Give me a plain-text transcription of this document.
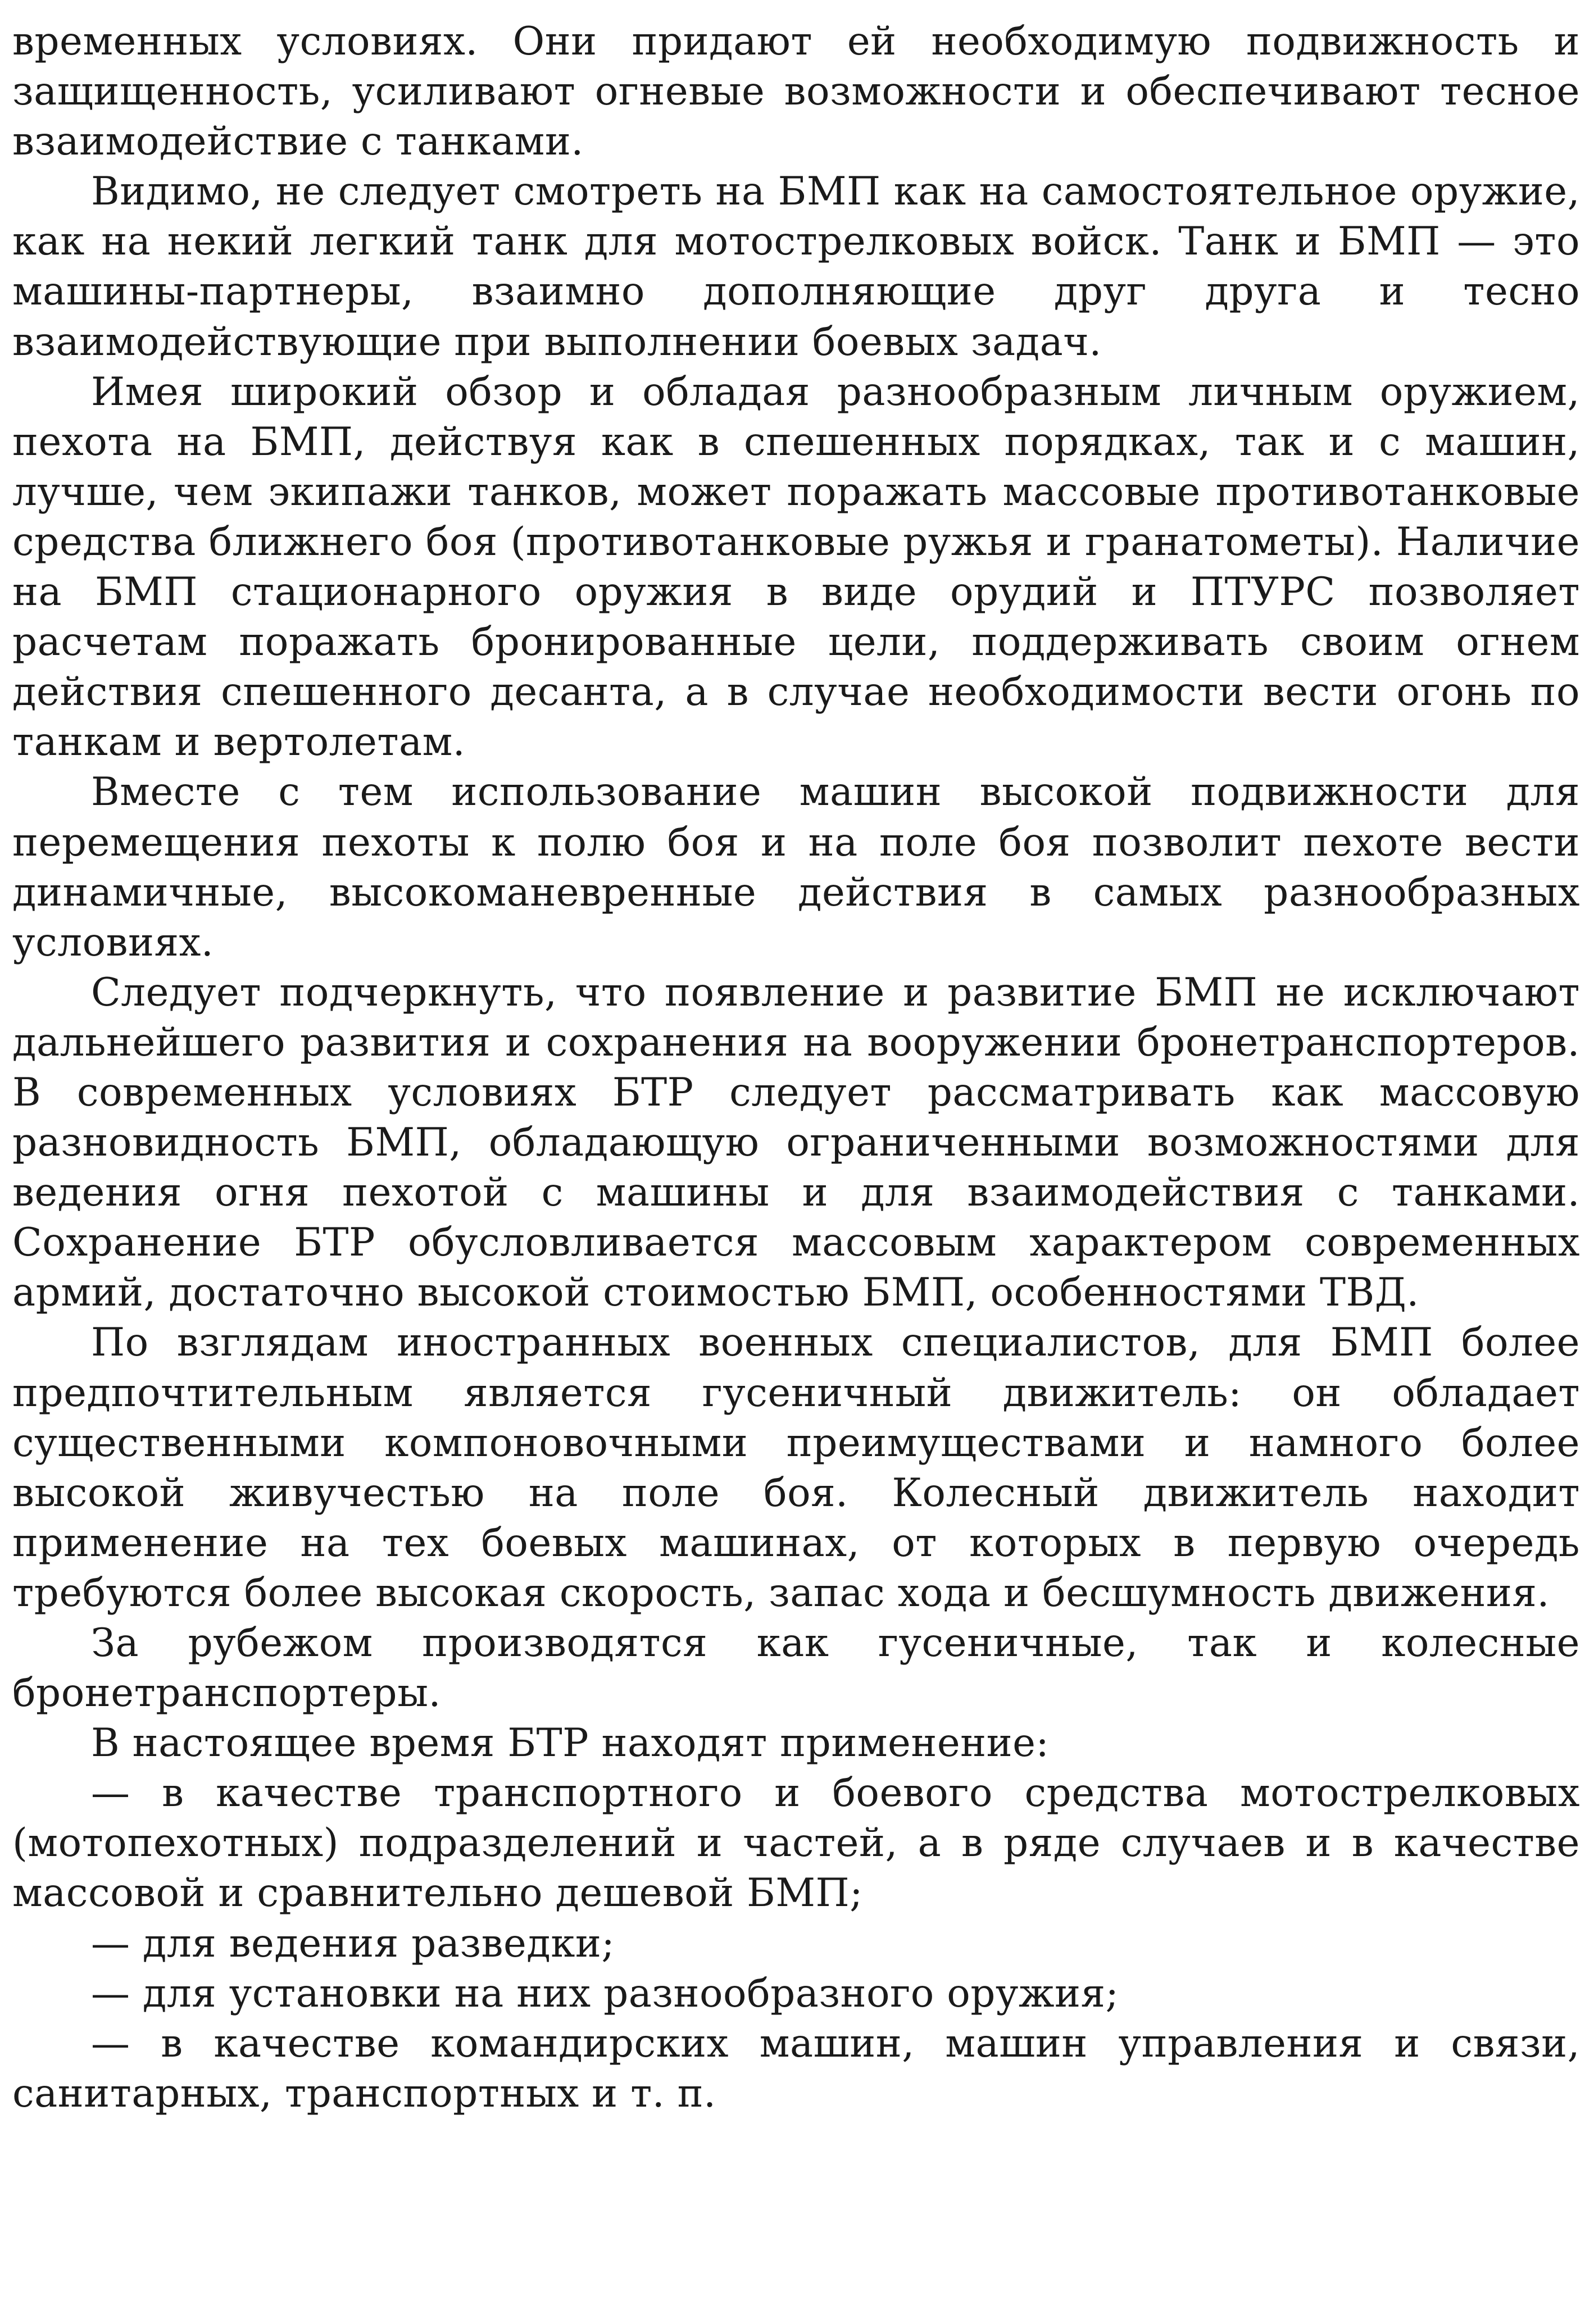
временных условиях. Они придают ей необходимую подвижность и защищенность, усиливают огневые возможности и обеспечивают тесное взаимодействие с танками.

Видимо, не следует смотреть на БМП как на самостоятельное оружие, как на некий легкий танк для мотострелковых войск. Танк и БМП — это машины-партнеры, взаимно дополняющие друг друга и тесно взаимодействующие при выполнении боевых задач.

Имея широкий обзор и обладая разнообразным личным оружием, пехота на БМП, действуя как в спешенных порядках, так и с машин, лучше, чем экипажи танков, может поражать массовые противотанковые средства ближнего боя (противотанковые ружья и гранатометы). Наличие на БМП стационарного оружия в виде орудий и ПТУРС позволяет расчетам поражать бронированные цели, поддерживать своим огнем действия спешенного десанта, а в случае необходимости вести огонь по танкам и вертолетам.

Вместе с тем использование машин высокой подвижности для перемещения пехоты к полю боя и на поле боя позволит пехоте вести динамичные, высокоманевренные действия в самых разнообразных условиях.

Следует подчеркнуть, что появление и развитие БМП не исключают дальнейшего развития и сохранения на вооружении бронетранспортеров. В современных условиях БТР следует рассматривать как массовую разновидность БМП, обладающую ограниченными возможностями для ведения огня пехотой с машины и для взаимодействия с танками. Сохранение БТР обусловливается массовым характером современных армий, достаточно высокой стоимостью БМП, особенностями ТВД.

По взглядам иностранных военных специалистов, для БМП более предпочтительным является гусеничный движитель: он обладает существенными компоновочными преимуществами и намного более высокой живучестью на поле боя. Колесный движитель находит применение на тех боевых машинах, от которых в первую очередь требуются более высокая скорость, запас хода и бесшумность движения.

За рубежом производятся как гусеничные, так и колесные бронетранспортеры.

В настоящее время БТР находят применение:

— в качестве транспортного и боевого средства мотострелковых (мотопехотных) подразделений и частей, а в ряде случаев и в качестве массовой и сравнительно дешевой БМП;

— для ведения разведки;

— для установки на них разнообразного оружия;

— в качестве командирских машин, машин управления и связи, санитарных, транспортных и т. п.
